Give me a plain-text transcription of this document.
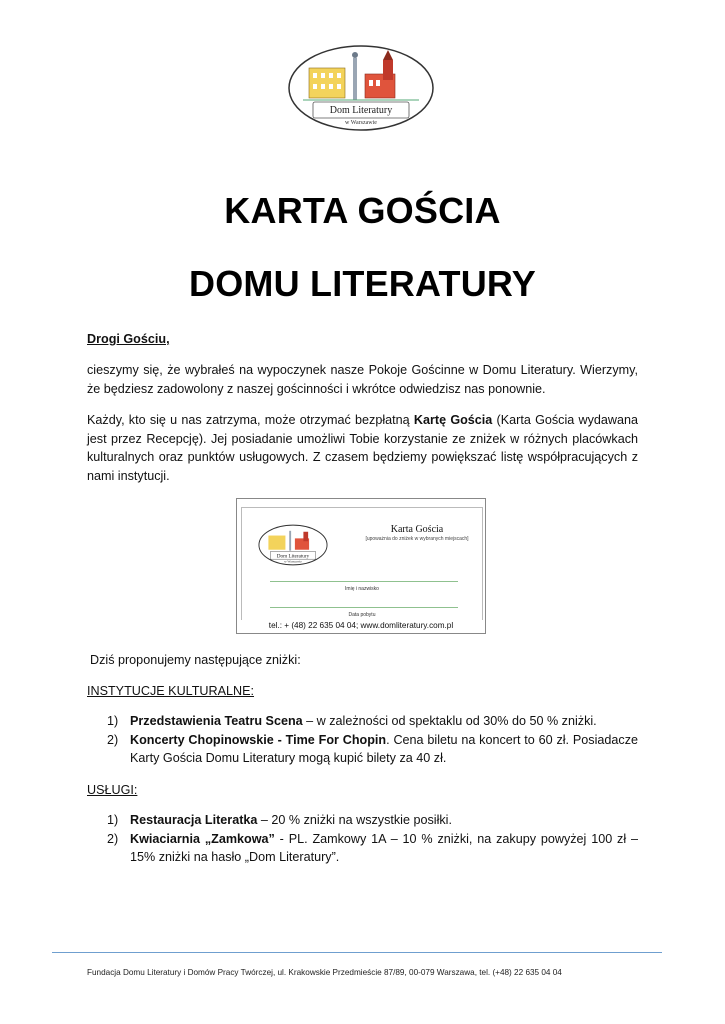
Dom Literatury
w Warszawie
KARTA GOŚCIA
DOMU LITERATURY

Drogi Gościu,

cieszymy się, że wybrałeś na wypoczynek nasze Pokoje Gościnne w Domu Literatury. Wierzymy, że będziesz zadowolony z naszej gościnności i wkrótce odwiedzisz nas ponownie.

Każdy, kto się u nas zatrzyma, może otrzymać bezpłatną Kartę Gościa (Karta Gościa wydawana jest przez Recepcję). Jej posiadanie umożliwi Tobie korzystanie ze zniżek w różnych placówkach kulturalnych oraz punktów usługowych. Z czasem będziemy powiększać listę współpracujących z nami instytucji.

Dom Literatury
w Warszawie
Karta Gościa
[upoważnia do zniżek w wybranych miejscach]
Imię i nazwisko
Data pobytu
tel.: + (48) 22 635 04 04; www.domliteratury.com.pl

Dziś proponujemy następujące zniżki:

INSTYTUCJE KULTURALNE:

1) Przedstawienia Teatru Scena – w zależności od spektaklu od 30% do 50 % zniżki.
2) Koncerty Chopinowskie - Time For Chopin. Cena biletu na koncert to 60 zł. Posiadacze Karty Gościa Domu Literatury mogą kupić bilety za 40 zł.

USŁUGI:

1) Restauracja Literatka – 20 % zniżki na wszystkie posiłki.
2) Kwiaciarnia „Zamkowa” - PL. Zamkowy 1A – 10 % zniżki, na zakupy powyżej 100 zł – 15% zniżki na hasło „Dom Literatury”.
Fundacja Domu Literatury i Domów Pracy Twórczej, ul. Krakowskie Przedmieście 87/89, 00-079 Warszawa, tel. (+48) 22 635 04 04
